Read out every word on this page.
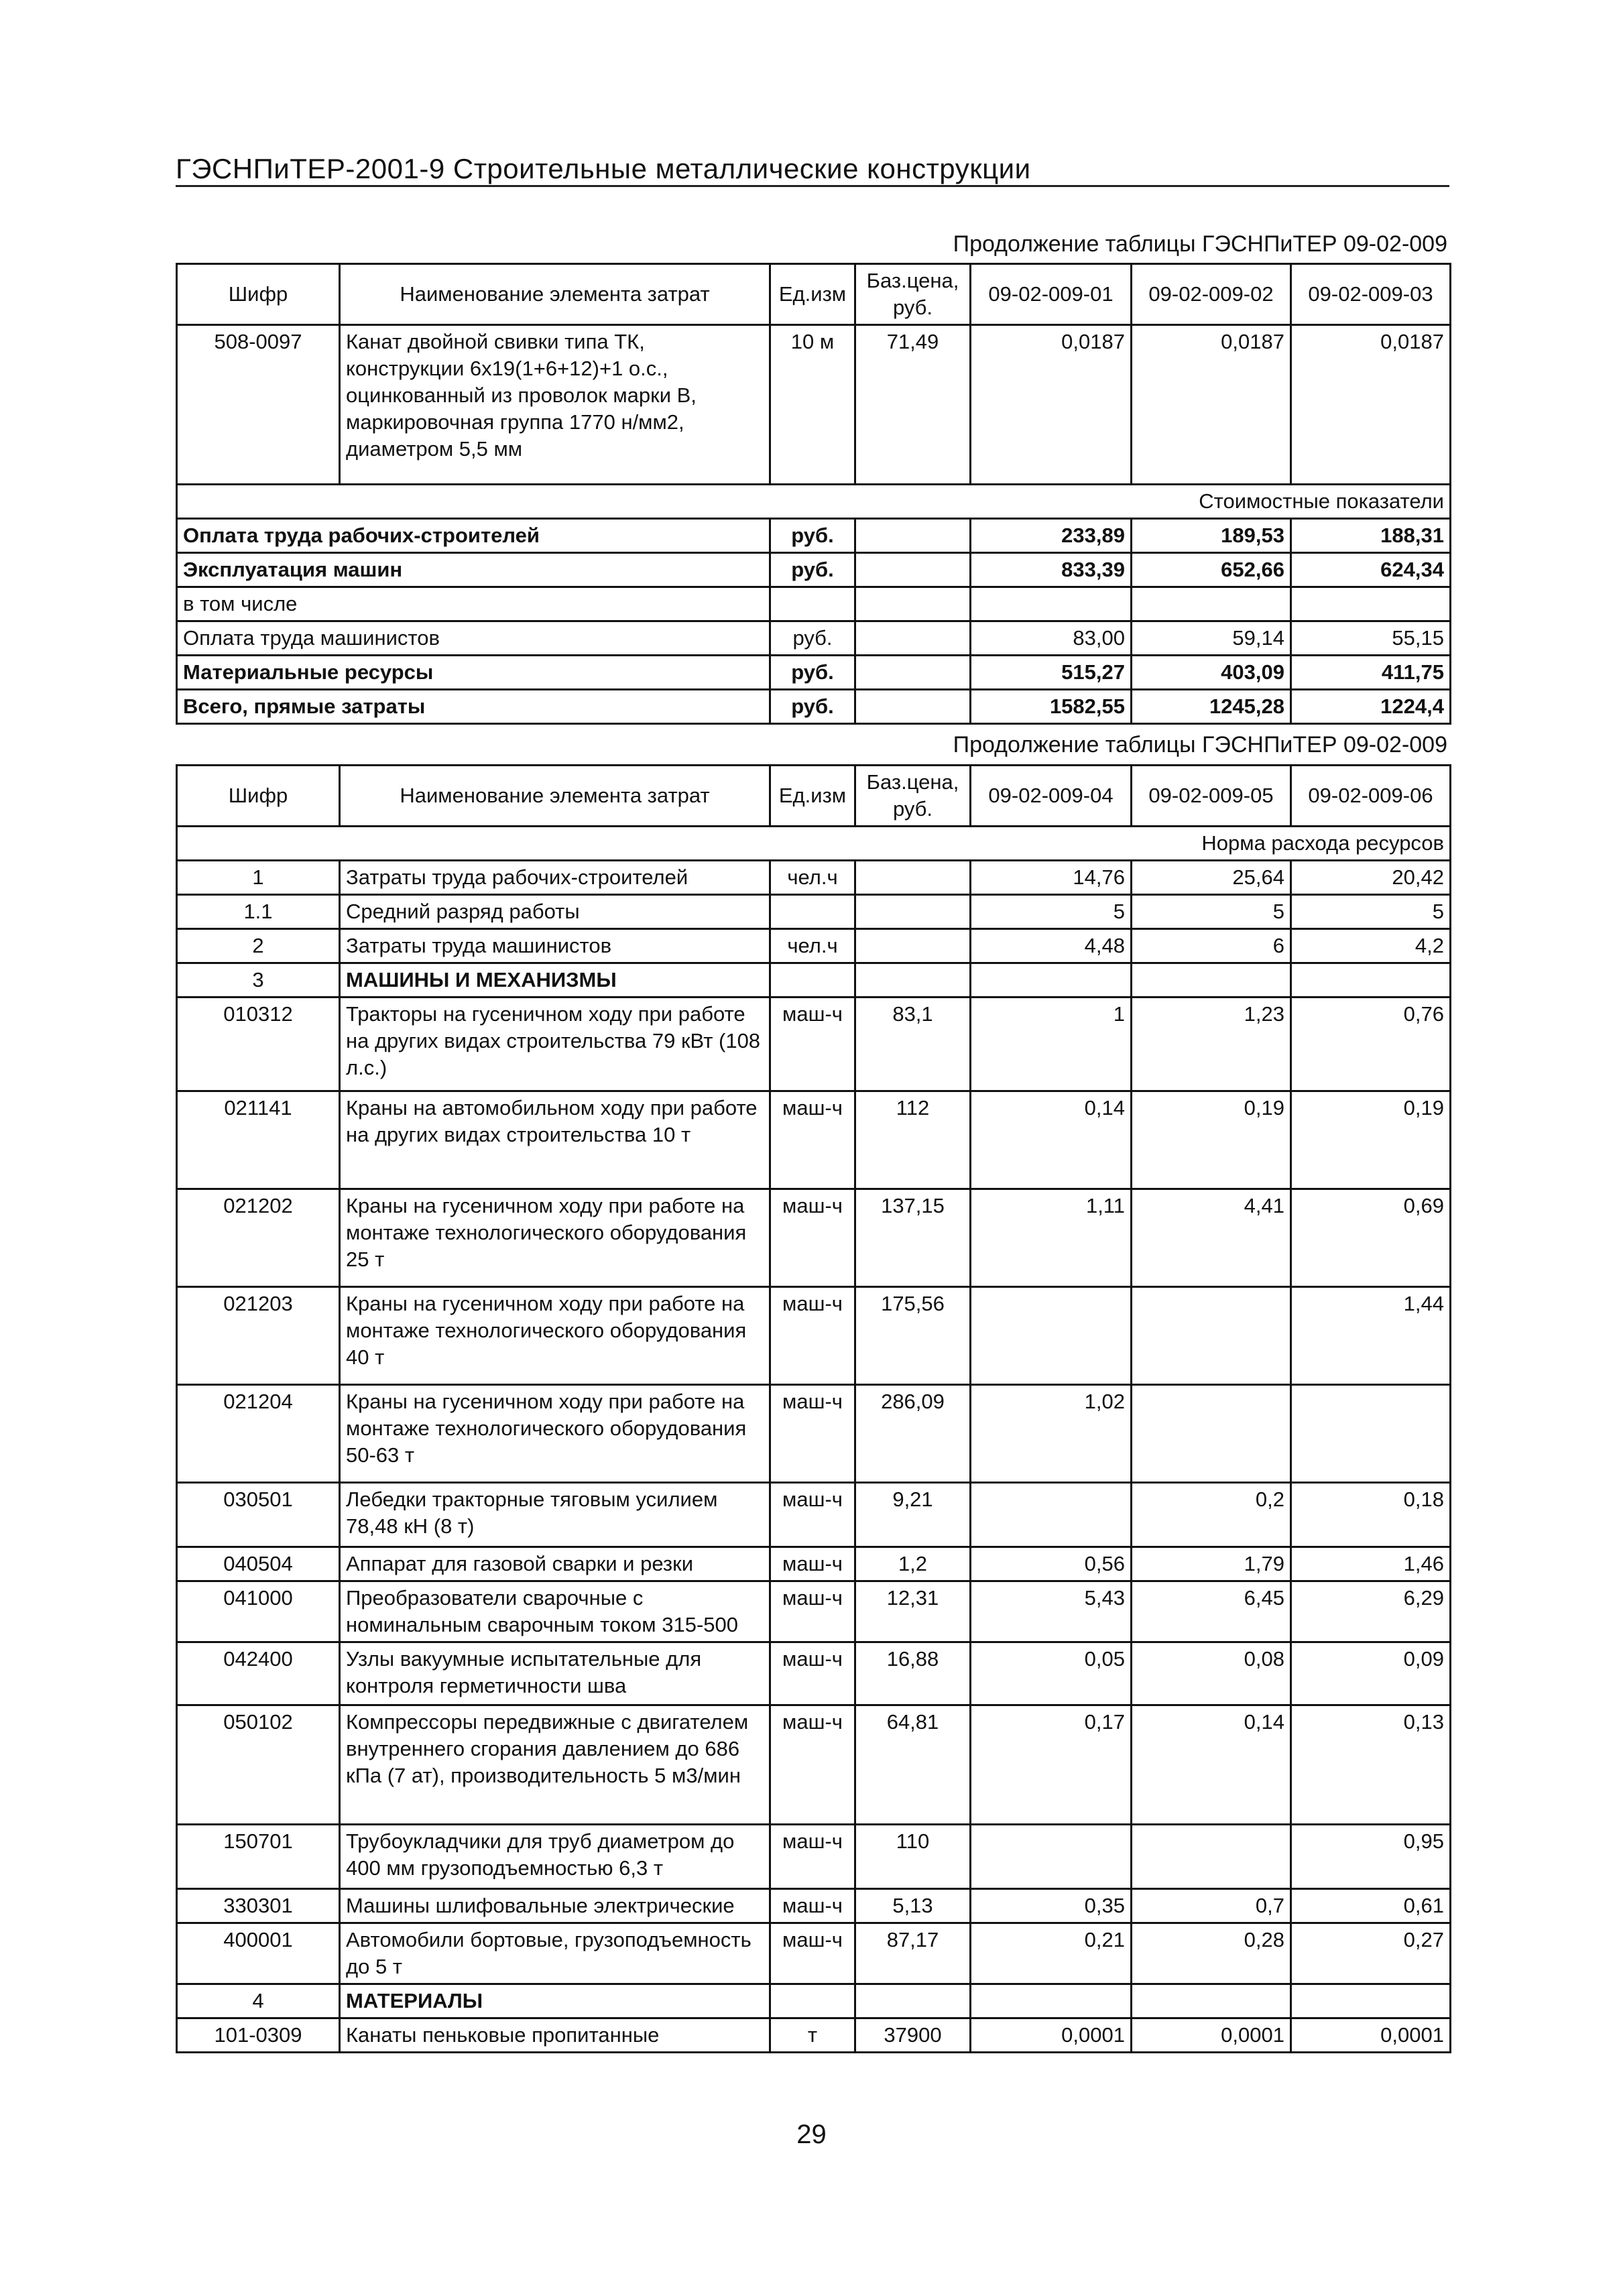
ГЭСНПиТЕР-2001-9 Строительные металлические конструкции
Продолжение таблицы ГЭСНПиТЕР 09-02-009
Шифр	Наименование элемента затрат	Ед.изм	Баз.цена, руб.	09-02-009-01	09-02-009-02	09-02-009-03
508-0097	Канат двойной свивки типа ТК, конструкции 6х19(1+6+12)+1 о.с., оцинкованный из проволок марки В, маркировочная группа 1770 н/мм2, диаметром 5,5 мм	10 м	71,49	0,0187	0,0187	0,0187
Стоимостные показатели						
Оплата труда рабочих-строителей		руб.		233,89	189,53	188,31
Эксплуатация машин		руб.		833,39	652,66	624,34
в том числе						
Оплата труда машинистов		руб.		83,00	59,14	55,15
Материальные ресурсы		руб.		515,27	403,09	411,75
Всего, прямые затраты		руб.		1582,55	1245,28	1224,4
Продолжение таблицы ГЭСНПиТЕР 09-02-009
Шифр	Наименование элемента затрат	Ед.изм	Баз.цена, руб.	09-02-009-04	09-02-009-05	09-02-009-06
Норма расхода ресурсов						
1	Затраты труда рабочих-строителей	чел.ч		14,76	25,64	20,42
1.1	Средний разряд работы			5	5	5
2	Затраты труда машинистов	чел.ч		4,48	6	4,2
3	МАШИНЫ И МЕХАНИЗМЫ					
010312	Тракторы на гусеничном ходу при работе на других видах строительства 79 кВт (108 л.с.)	маш-ч	83,1	1	1,23	0,76
021141	Краны на автомобильном ходу при работе на других видах строительства 10 т	маш-ч	112	0,14	0,19	0,19
021202	Краны на гусеничном ходу при работе на монтаже технологического оборудования 25 т	маш-ч	137,15	1,11	4,41	0,69
021203	Краны на гусеничном ходу при работе на монтаже технологического оборудования 40 т	маш-ч	175,56			1,44
021204	Краны на гусеничном ходу при работе на монтаже технологического оборудования 50-63 т	маш-ч	286,09	1,02		
030501	Лебедки тракторные тяговым усилием 78,48 кН (8 т)	маш-ч	9,21		0,2	0,18
040504	Аппарат для газовой сварки и резки	маш-ч	1,2	0,56	1,79	1,46
041000	Преобразователи сварочные с номинальным сварочным током 315-500	маш-ч	12,31	5,43	6,45	6,29
042400	Узлы вакуумные испытательные для контроля герметичности шва	маш-ч	16,88	0,05	0,08	0,09
050102	Компрессоры передвижные с двигателем внутреннего сгорания давлением до 686 кПа (7 ат), производительность 5 м3/мин	маш-ч	64,81	0,17	0,14	0,13
150701	Трубоукладчики для труб диаметром до 400 мм грузоподъемностью 6,3 т	маш-ч	110			0,95
330301	Машины шлифовальные электрические	маш-ч	5,13	0,35	0,7	0,61
400001	Автомобили бортовые, грузоподъемность до 5 т	маш-ч	87,17	0,21	0,28	0,27
4	МАТЕРИАЛЫ					
101-0309	Канаты пеньковые пропитанные	т	37900	0,0001	0,0001	0,0001
29
